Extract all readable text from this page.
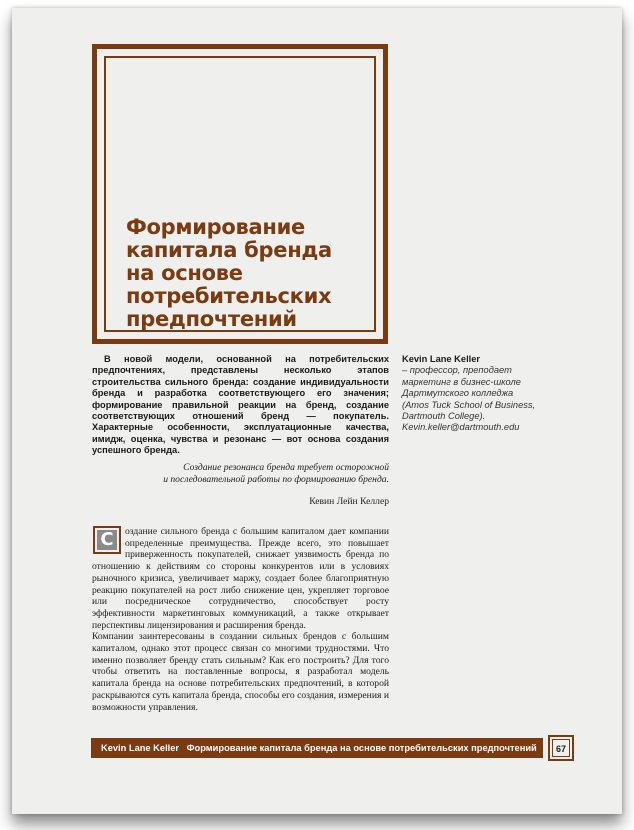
Формирование капитала бренда на основе потребительских предпочтений

В новой модели, основанной на потребительских предпочтениях, представлены несколько этапов строительства сильного бренда: создание индивидуальности бренда и разработка соответствующего его значения; формирование правильной реакции на бренд, создание соответствующих отношений бренд — покупатель. Характерные особенности, эксплуатационные качества, имидж, оценка, чувства и резонанс — вот основа создания успешного бренда.

Kevin Lane Keller
– профессор, преподает
маркетинг в бизнес-школе
Дартмутского колледжа
(Amos Tuck School of Business,
Dartmouth College).
Kevin.keller@dartmouth.edu
Создание резонанса бренда требует осторожной
и последовательной работы по формированию бренда.

Кевин Лейн Келлер

С	оздание сильного бренда с большим капиталом дает компании определенные преимущества. Прежде всего, это повышает приверженность покупателей, снижает уязвимость бренда по отношению к действиям со стороны конкурентов или в условиях рыночного кризиса, увеличивает маржу, создает более благоприятную реакцию покупателей на рост либо снижение цен, укрепляет торговое или посредническое сотрудничество, способствует росту эффективности маркетинговых коммуникаций, а также открывает перспективы лицензирования и расширения бренда.

Компании заинтересованы в создании сильных брендов с большим капиталом, однако этот процесс связан со многими трудностями. Что именно позволяет бренду стать сильным? Как его построить? Для того чтобы ответить на поставленные вопросы, я разработал модель капитала бренда на основе потребительских предпочтений, в которой раскрываются суть капитала бренда, способы его создания, измерения и возможности управления.

Kevin Lane Keller Формирование капитала бренда на основе потребительских предпочтений	67
